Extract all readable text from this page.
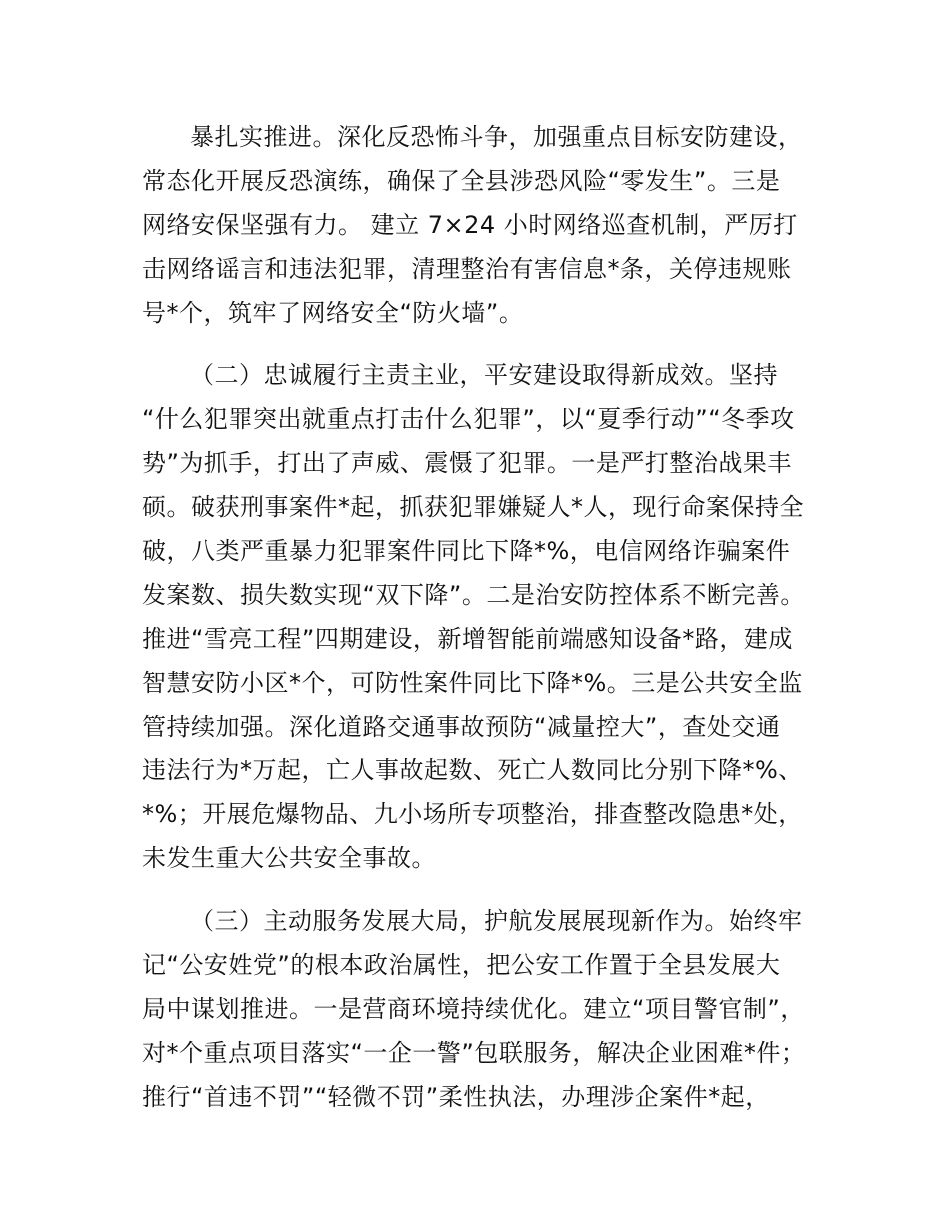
暴扎实推进。深化反恐怖斗争，加强重点目标安防建设，
常态化开展反恐演练，确保了全县涉恐风险“零发生”。三是
网络安保坚强有力。 建立 7×24 小时网络巡查机制，严厉打
击网络谣言和违法犯罪，清理整治有害信息*条，关停违规账
号*个，筑牢了网络安全“防火墙”。

（二）忠诚履行主责主业，平安建设取得新成效。坚持
“什么犯罪突出就重点打击什么犯罪”，以“夏季行动”“冬季攻
势”为抓手，打出了声威、震慑了犯罪。一是严打整治战果丰
硕。破获刑事案件*起，抓获犯罪嫌疑人*人，现行命案保持全
破，八类严重暴力犯罪案件同比下降*%，电信网络诈骗案件
发案数、损失数实现“双下降”。二是治安防控体系不断完善。
推进“雪亮工程”四期建设，新增智能前端感知设备*路，建成
智慧安防小区*个，可防性案件同比下降*%。三是公共安全监
管持续加强。深化道路交通事故预防“减量控大”，查处交通
违法行为*万起，亡人事故起数、死亡人数同比分别下降*%、
*%；开展危爆物品、九小场所专项整治，排查整改隐患*处，
未发生重大公共安全事故。

（三）主动服务发展大局，护航发展展现新作为。始终牢
记“公安姓党”的根本政治属性，把公安工作置于全县发展大
局中谋划推进。一是营商环境持续优化。建立“项目警官制”，
对*个重点项目落实“一企一警”包联服务，解决企业困难*件；
推行“首违不罚”“轻微不罚”柔性执法，办理涉企案件*起，
